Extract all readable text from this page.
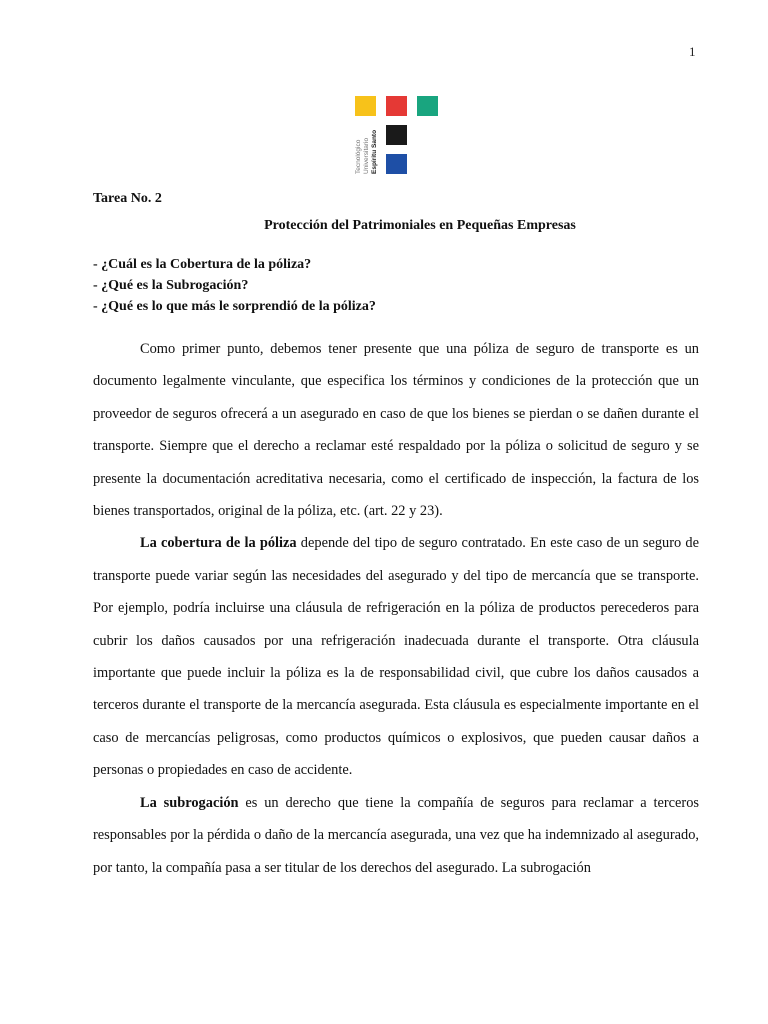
1
Tecnológico Universitario Espíritu Santo
Tarea No. 2
Protección del Patrimoniales en Pequeñas Empresas
- ¿Cuál es la Cobertura de la póliza?
- ¿Qué es la Subrogación?
- ¿Qué es lo que más le sorprendió de la póliza?

Como primer punto, debemos tener presente que una póliza de seguro de transporte es un documento legalmente vinculante, que especifica los términos y condiciones de la protección que un proveedor de seguros ofrecerá a un asegurado en caso de que los bienes se pierdan o se dañen durante el transporte. Siempre que el derecho a reclamar esté respaldado por la póliza o solicitud de seguro y se presente la documentación acreditativa necesaria, como el certificado de inspección, la factura de los bienes transportados, original de la póliza, etc. (art. 22 y 23).

La cobertura de la póliza depende del tipo de seguro contratado. En este caso de un seguro de transporte puede variar según las necesidades del asegurado y del tipo de mercancía que se transporte. Por ejemplo, podría incluirse una cláusula de refrigeración en la póliza de productos perecederos para cubrir los daños causados por una refrigeración inadecuada durante el transporte. Otra cláusula importante que puede incluir la póliza es la de responsabilidad civil, que cubre los daños causados a terceros durante el transporte de la mercancía asegurada. Esta cláusula es especialmente importante en el caso de mercancías peligrosas, como productos químicos o explosivos, que pueden causar daños a personas o propiedades en caso de accidente.

La subrogación es un derecho que tiene la compañía de seguros para reclamar a terceros responsables por la pérdida o daño de la mercancía asegurada, una vez que ha indemnizado al asegurado, por tanto, la compañía pasa a ser titular de los derechos del asegurado. La subrogación
